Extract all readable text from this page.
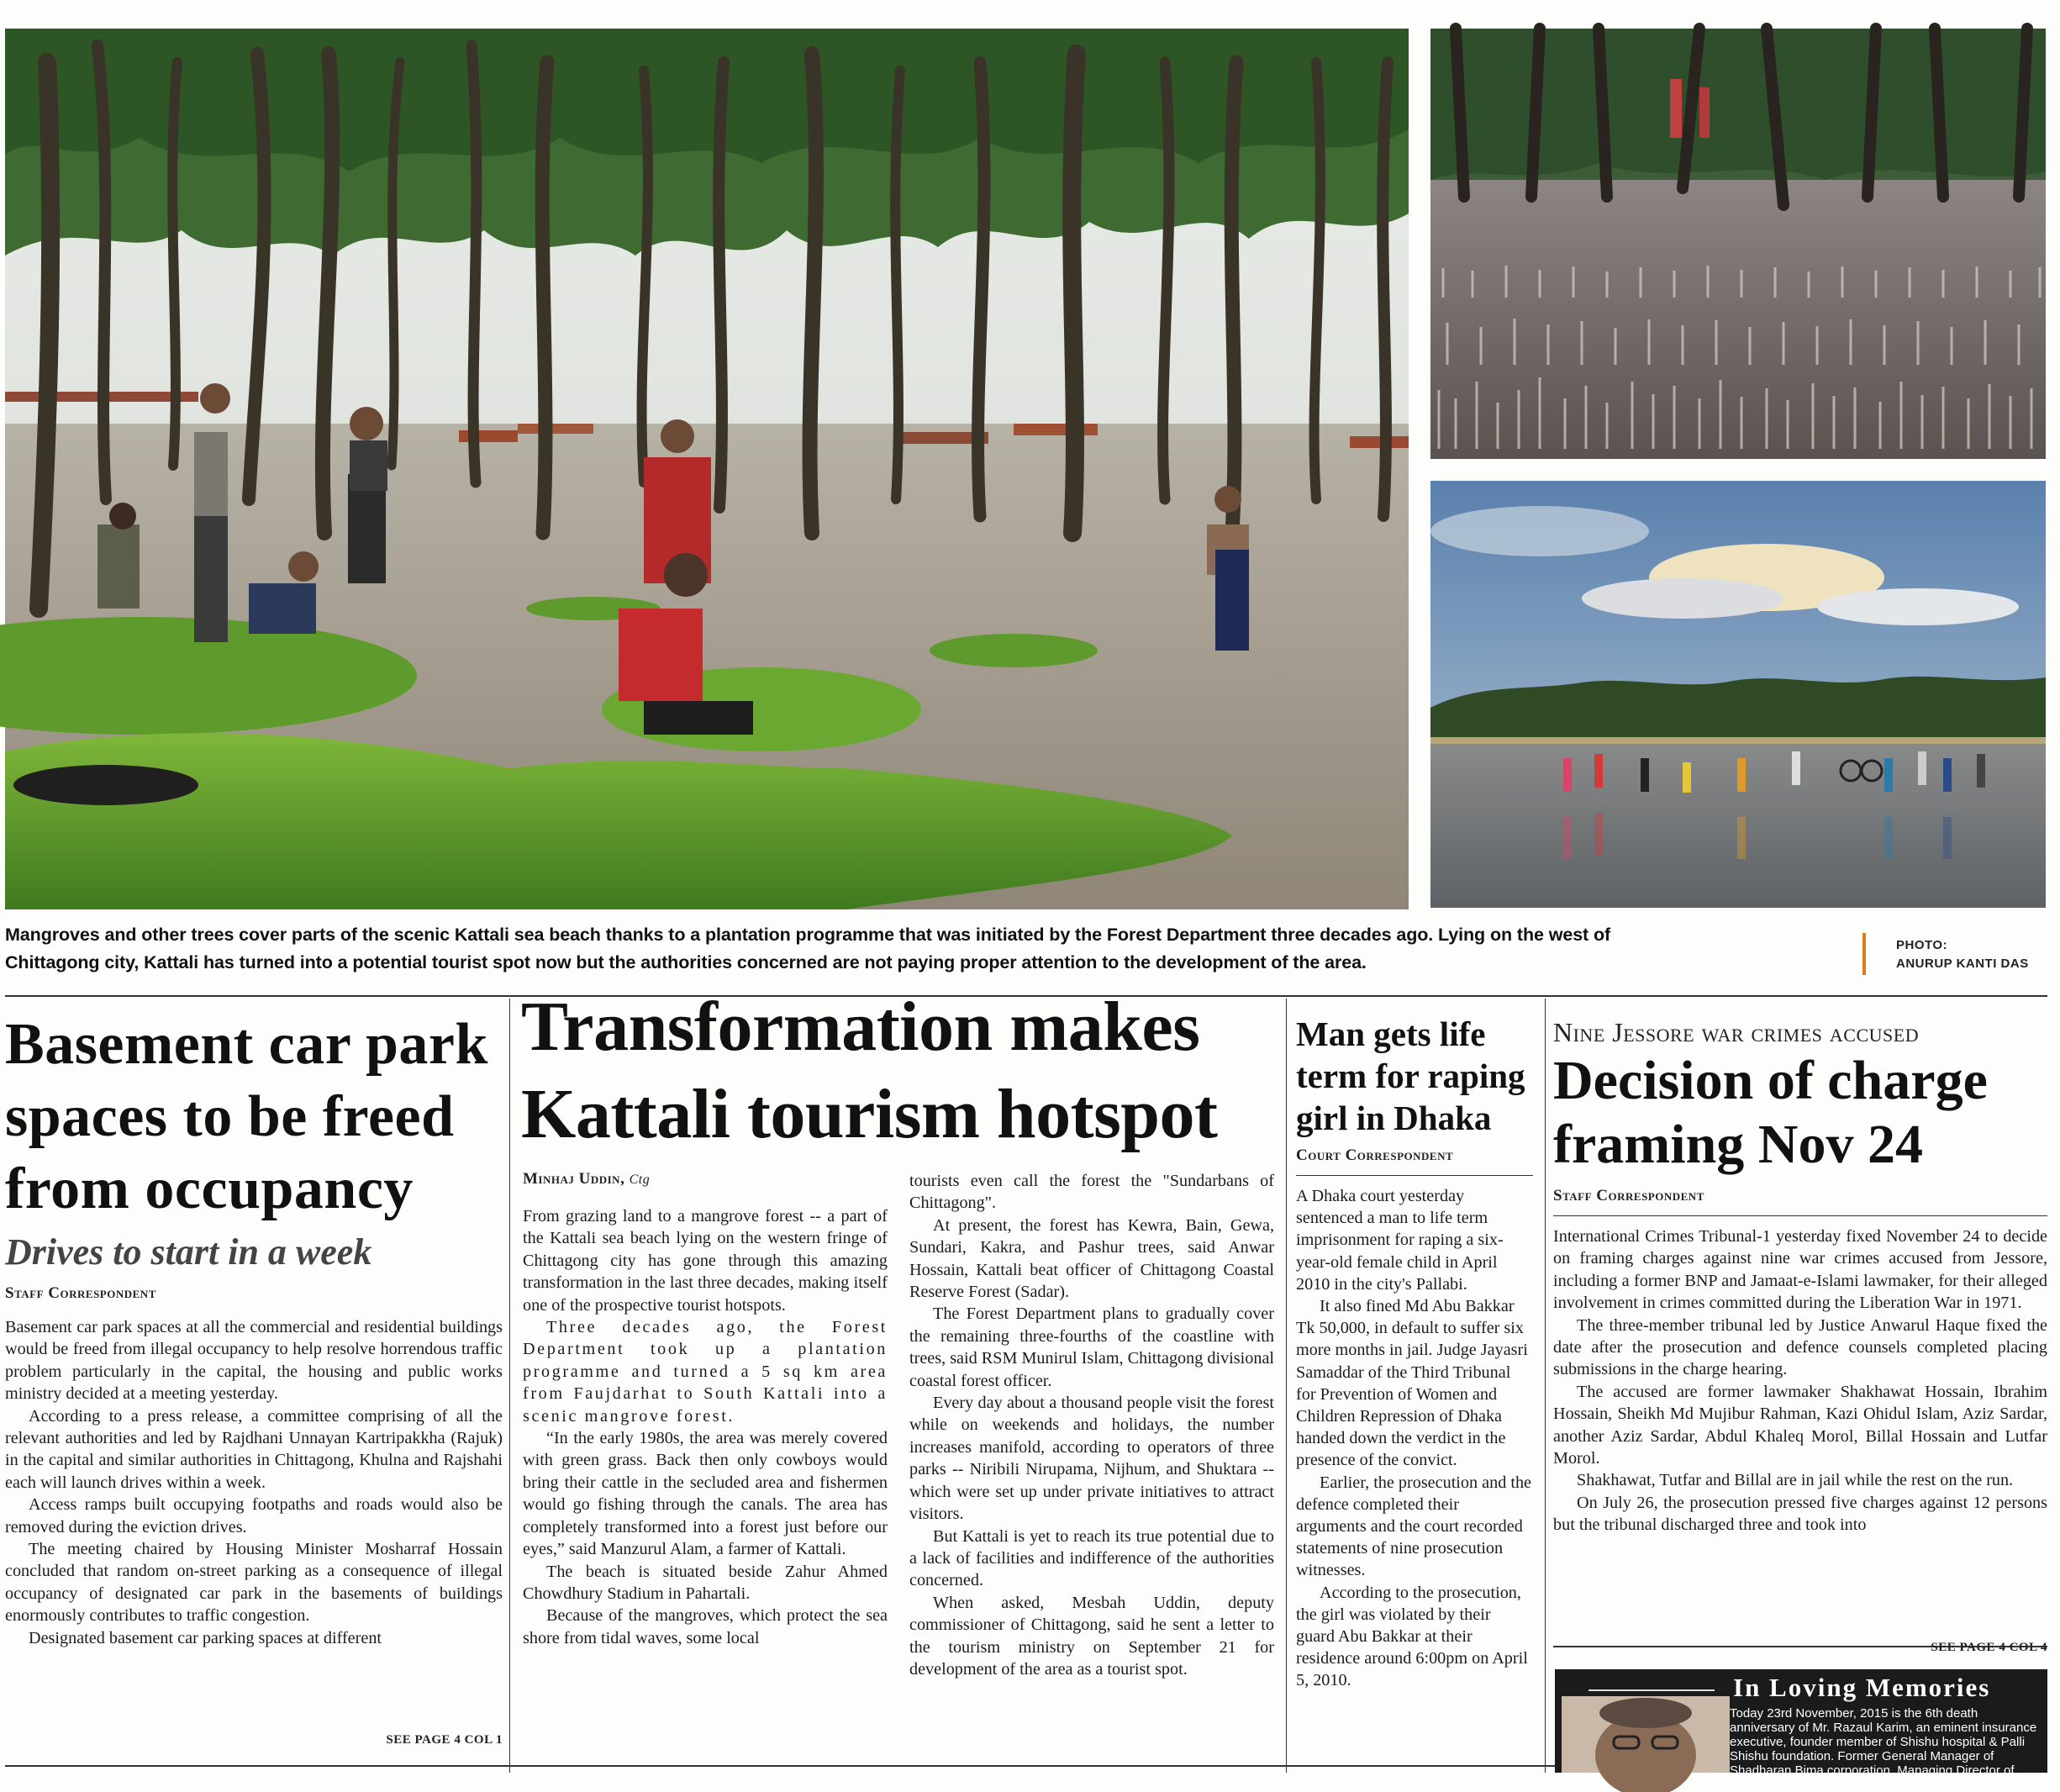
Mangroves and other trees cover parts of the scenic Kattali sea beach thanks to a plantation programme that was initiated by the Forest Department three decades ago. Lying on the west of Chittagong city, Kattali has turned into a potential tourist spot now but the authorities concerned are not paying proper attention to the development of the area.
PHOTO:
ANURUP KANTI DAS
Basement car park spaces to be freed from occupancy
Drives to start in a week
Staff Correspondent

Basement car park spaces at all the commercial and residential buildings would be freed from illegal occupancy to help resolve horrendous traffic problem particularly in the capital, the housing and public works ministry decided at a meeting yesterday.

According to a press release, a committee comprising of all the relevant authorities and led by Rajdhani Unnayan Kartripakkha (Rajuk) in the capital and similar authorities in Chittagong, Khulna and Rajshahi each will launch drives within a week.

Access ramps built occupying footpaths and roads would also be removed during the eviction drives.

The meeting chaired by Housing Minister Mosharraf Hossain concluded that random on-street parking as a consequence of illegal occupancy of designated car park in the basements of buildings enormously contributes to traffic congestion.

Designated basement car parking spaces at different

SEE PAGE 4 COL 1
Transformation makes Kattali tourism hotspot
Minhaj Uddin, Ctg

From grazing land to a mangrove forest -- a part of the Kattali sea beach lying on the western fringe of Chittagong city has gone through this amazing transformation in the last three decades, making itself one of the prospective tourist hotspots.

Three decades ago, the Forest Department took up a plantation programme and turned a 5 sq km area from Faujdarhat to South Kattali into a scenic mangrove forest.

“In the early 1980s, the area was merely covered with green grass. Back then only cowboys would bring their cattle in the secluded area and fishermen would go fishing through the canals. The area has completely transformed into a forest just before our eyes,” said Manzurul Alam, a farmer of Kattali.

The beach is situated beside Zahur Ahmed Chowdhury Stadium in Pahartali.

Because of the mangroves, which protect the sea shore from tidal waves, some local

tourists even call the forest the "Sundarbans of Chittagong".

At present, the forest has Kewra, Bain, Gewa, Sundari, Kakra, and Pashur trees, said Anwar Hossain, Kattali beat officer of Chittagong Coastal Reserve Forest (Sadar).

The Forest Department plans to gradually cover the remaining three-fourths of the coastline with trees, said RSM Munirul Islam, Chittagong divisional coastal forest officer.

Every day about a thousand people visit the forest while on weekends and holidays, the number increases manifold, according to operators of three parks -- Niribili Nirupama, Nijhum, and Shuktara -- which were set up under private initiatives to attract visitors.

But Kattali is yet to reach its true potential due to a lack of facilities and indifference of the authorities concerned.

When asked, Mesbah Uddin, deputy commissioner of Chittagong, said he sent a letter to the tourism ministry on September 21 for development of the area as a tourist spot.

Man gets life term for raping girl in Dhaka
Court Correspondent

A Dhaka court yesterday sentenced a man to life term imprisonment for raping a six-year-old female child in April 2010 in the city's Pallabi.

It also fined Md Abu Bakkar Tk 50,000, in default to suffer six more months in jail. Judge Jayasri Samaddar of the Third Tribunal for Prevention of Women and Children Repression of Dhaka handed down the verdict in the presence of the convict.

Earlier, the prosecution and the defence completed their arguments and the court recorded statements of nine prosecution witnesses.

According to the prosecution, the girl was violated by their guard Abu Bakkar at their residence around 6:00pm on April 5, 2010.

Nine Jessore war crimes accused
Decision of charge framing Nov 24
Staff Correspondent

International Crimes Tribunal-1 yesterday fixed November 24 to decide on framing charges against nine war crimes accused from Jessore, including a former BNP and Jamaat-e-Islami lawmaker, for their alleged involvement in crimes committed during the Liberation War in 1971.

The three-member tribunal led by Justice Anwarul Haque fixed the date after the prosecution and defence counsels completed placing submissions in the charge hearing.

The accused are former lawmaker Shakhawat Hossain, Ibrahim Hossain, Sheikh Md Mujibur Rahman, Kazi Ohidul Islam, Aziz Sardar, another Aziz Sardar, Abdul Khaleq Morol, Billal Hossain and Lutfar Morol.

Shakhawat, Tutfar and Billal are in jail while the rest on the run.

On July 26, the prosecution pressed five charges against 12 persons but the tribunal discharged three and took into

SEE PAGE 4 COL 4
In Loving Memories
Today 23rd November, 2015 is the 6th death anniversary of Mr. Razaul Karim, an eminent insurance executive, founder member of Shishu hospital & Palli Shishu foundation. Former General Manager of Shadharan Bima corporation, Managing Director of Janata Insurance
